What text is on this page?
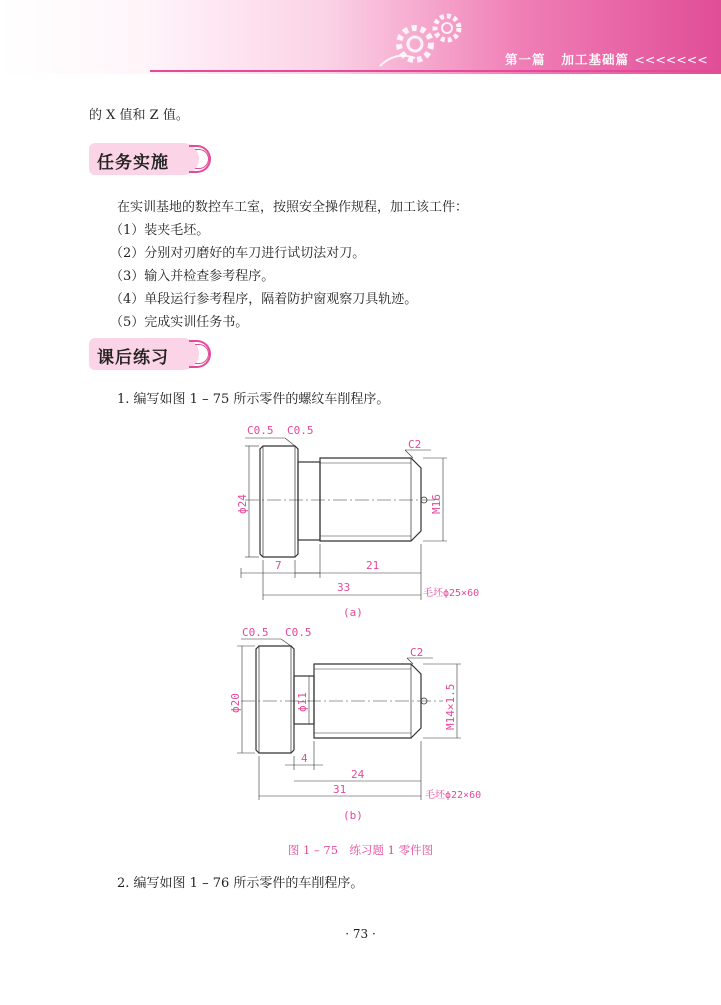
第一篇 加工基础篇 <<<<<<<
的 X 值和 Z 值。
任务实施
在实训基地的数控车工室，按照安全操作规程，加工该工件：
（1）装夹毛坯。
（2）分别对刃磨好的车刀进行试切法对刀。
（3）输入并检查参考程序。
（4）单段运行参考程序，隔着防护窗观察刀具轨迹。
（5）完成实训任务书。
课后练习
1. 编写如图 1 – 75 所示零件的螺纹车削程序。
C0.5 C0.5
C2
ϕ24	M16
7	21
33	毛坯ϕ25×60
(a)
C0.5 C0.5
C2
ϕ20	ϕ11	M14×1.5
4
24
31	毛坯ϕ22×60
(b)
图 1 – 75　练习题 1 零件图
2. 编写如图 1 – 76 所示零件的车削程序。
· 73 ·
